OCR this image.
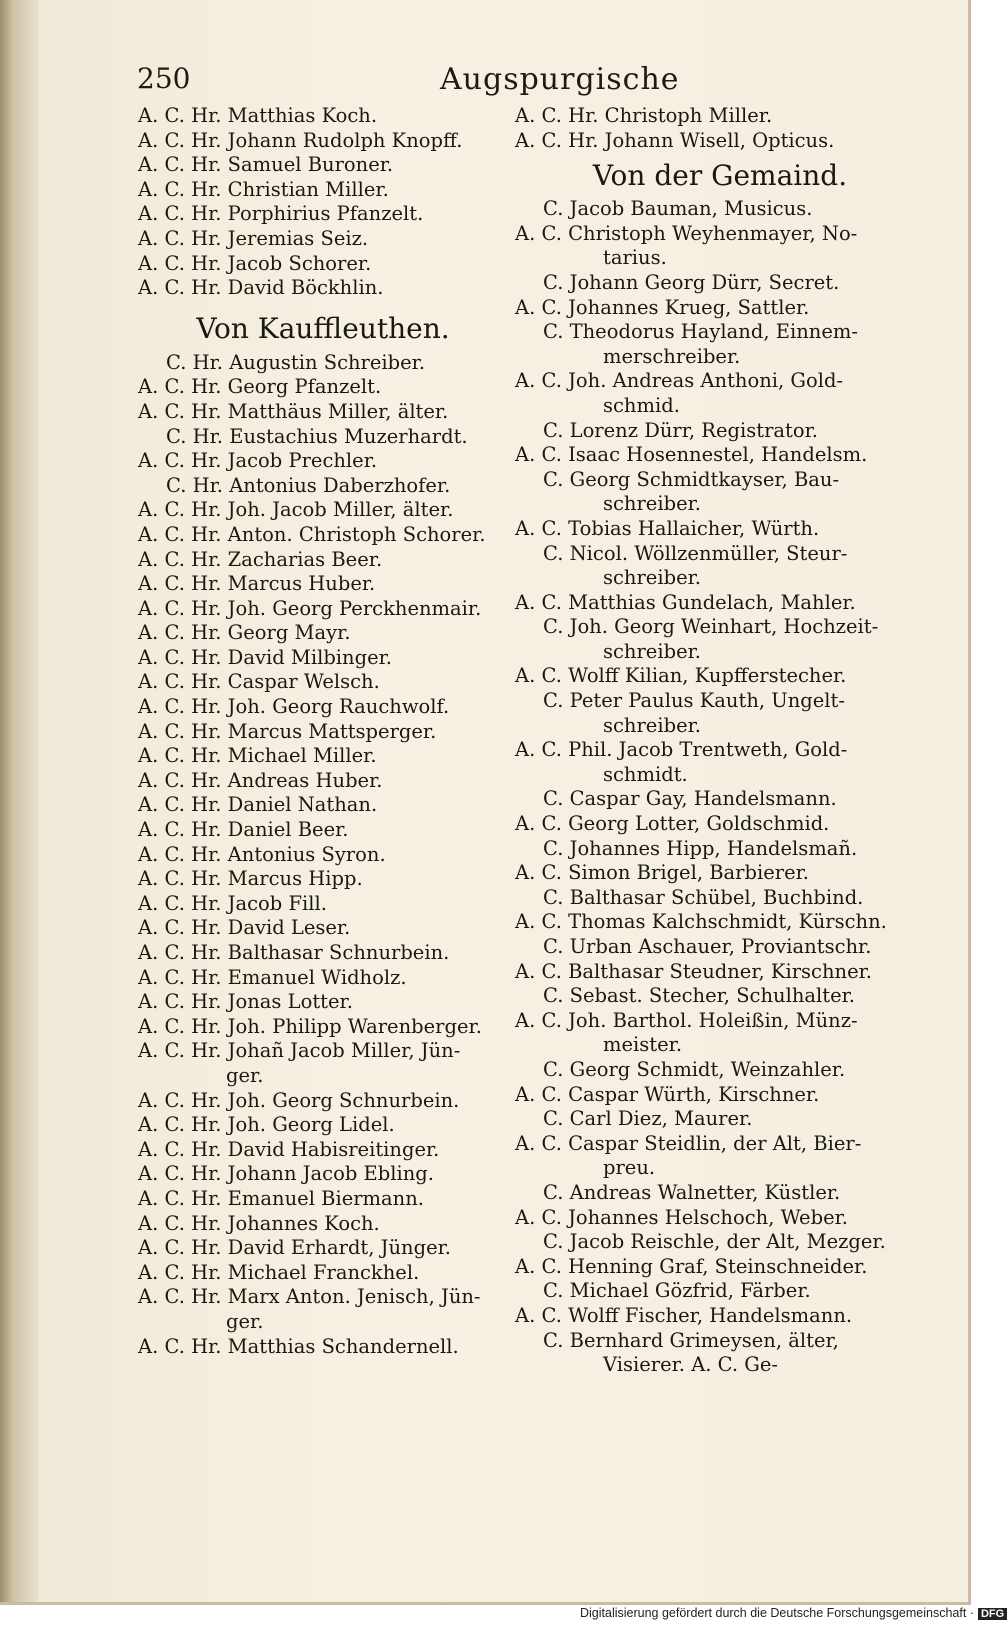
250	Augspurgische
A. C. Hr. Matthias Koch.
A. C. Hr. Johann Rudolph Knopff.
A. C. Hr. Samuel Buroner.
A. C. Hr. Christian Miller.
A. C. Hr. Porphirius Pfanzelt.
A. C. Hr. Jeremias Seiz.
A. C. Hr. Jacob Schorer.
A. C. Hr. David Böckhlin.
Von Kauffleuthen.
C. Hr. Augustin Schreiber.
A. C. Hr. Georg Pfanzelt.
A. C. Hr. Matthäus Miller, älter.
C. Hr. Eustachius Muzerhardt.
A. C. Hr. Jacob Prechler.
C. Hr. Antonius Daberzhofer.
A. C. Hr. Joh. Jacob Miller, älter.
A. C. Hr. Anton. Christoph Schorer.
A. C. Hr. Zacharias Beer.
A. C. Hr. Marcus Huber.
A. C. Hr. Joh. Georg Perckhenmair.
A. C. Hr. Georg Mayr.
A. C. Hr. David Milbinger.
A. C. Hr. Caspar Welsch.
A. C. Hr. Joh. Georg Rauchwolf.
A. C. Hr. Marcus Mattsperger.
A. C. Hr. Michael Miller.
A. C. Hr. Andreas Huber.
A. C. Hr. Daniel Nathan.
A. C. Hr. Daniel Beer.
A. C. Hr. Antonius Syron.
A. C. Hr. Marcus Hipp.
A. C. Hr. Jacob Fill.
A. C. Hr. David Leser.
A. C. Hr. Balthasar Schnurbein.
A. C. Hr. Emanuel Widholz.
A. C. Hr. Jonas Lotter.
A. C. Hr. Joh. Philipp Warenberger.
A. C. Hr. Johañ Jacob Miller, Jün-
ger.
A. C. Hr. Joh. Georg Schnurbein.
A. C. Hr. Joh. Georg Lidel.
A. C. Hr. David Habisreitinger.
A. C. Hr. Johann Jacob Ebling.
A. C. Hr. Emanuel Biermann.
A. C. Hr. Johannes Koch.
A. C. Hr. David Erhardt, Jünger.
A. C. Hr. Michael Franckhel.
A. C. Hr. Marx Anton. Jenisch, Jün-
ger.
A. C. Hr. Matthias Schandernell.
A. C. Hr. Christoph Miller.
A. C. Hr. Johann Wisell, Opticus.
Von der Gemaind.
C. Jacob Bauman, Musicus.
A. C. Christoph Weyhenmayer, No-
tarius.
C. Johann Georg Dürr, Secret.
A. C. Johannes Krueg, Sattler.
C. Theodorus Hayland, Einnem-
merschreiber.
A. C. Joh. Andreas Anthoni, Gold-
schmid.
C. Lorenz Dürr, Registrator.
A. C. Isaac Hosennestel, Handelsm.
C. Georg Schmidtkayser, Bau-
schreiber.
A. C. Tobias Hallaicher, Würth.
C. Nicol. Wöllzenmüller, Steur-
schreiber.
A. C. Matthias Gundelach, Mahler.
C. Joh. Georg Weinhart, Hochzeit-
schreiber.
A. C. Wolff Kilian, Kupfferstecher.
C. Peter Paulus Kauth, Ungelt-
schreiber.
A. C. Phil. Jacob Trentweth, Gold-
schmidt.
C. Caspar Gay, Handelsmann.
A. C. Georg Lotter, Goldschmid.
C. Johannes Hipp, Handelsmañ.
A. C. Simon Brigel, Barbierer.
C. Balthasar Schübel, Buchbind.
A. C. Thomas Kalchschmidt, Kürschn.
C. Urban Aschauer, Proviantschr.
A. C. Balthasar Steudner, Kirschner.
C. Sebast. Stecher, Schulhalter.
A. C. Joh. Barthol. Holeißin, Münz-
meister.
C. Georg Schmidt, Weinzahler.
A. C. Caspar Würth, Kirschner.
C. Carl Diez, Maurer.
A. C. Caspar Steidlin, der Alt, Bier-
preu.
C. Andreas Walnetter, Küstler.
A. C. Johannes Helschoch, Weber.
C. Jacob Reischle, der Alt, Mezger.
A. C. Henning Graf, Steinschneider.
C. Michael Gözfrid, Färber.
A. C. Wolff Fischer, Handelsmann.
C. Bernhard Grimeysen, älter,
Visierer. A. C. Ge-
Digitalisierung gefördert durch die Deutsche Forschungsgemeinschaft · DFG
